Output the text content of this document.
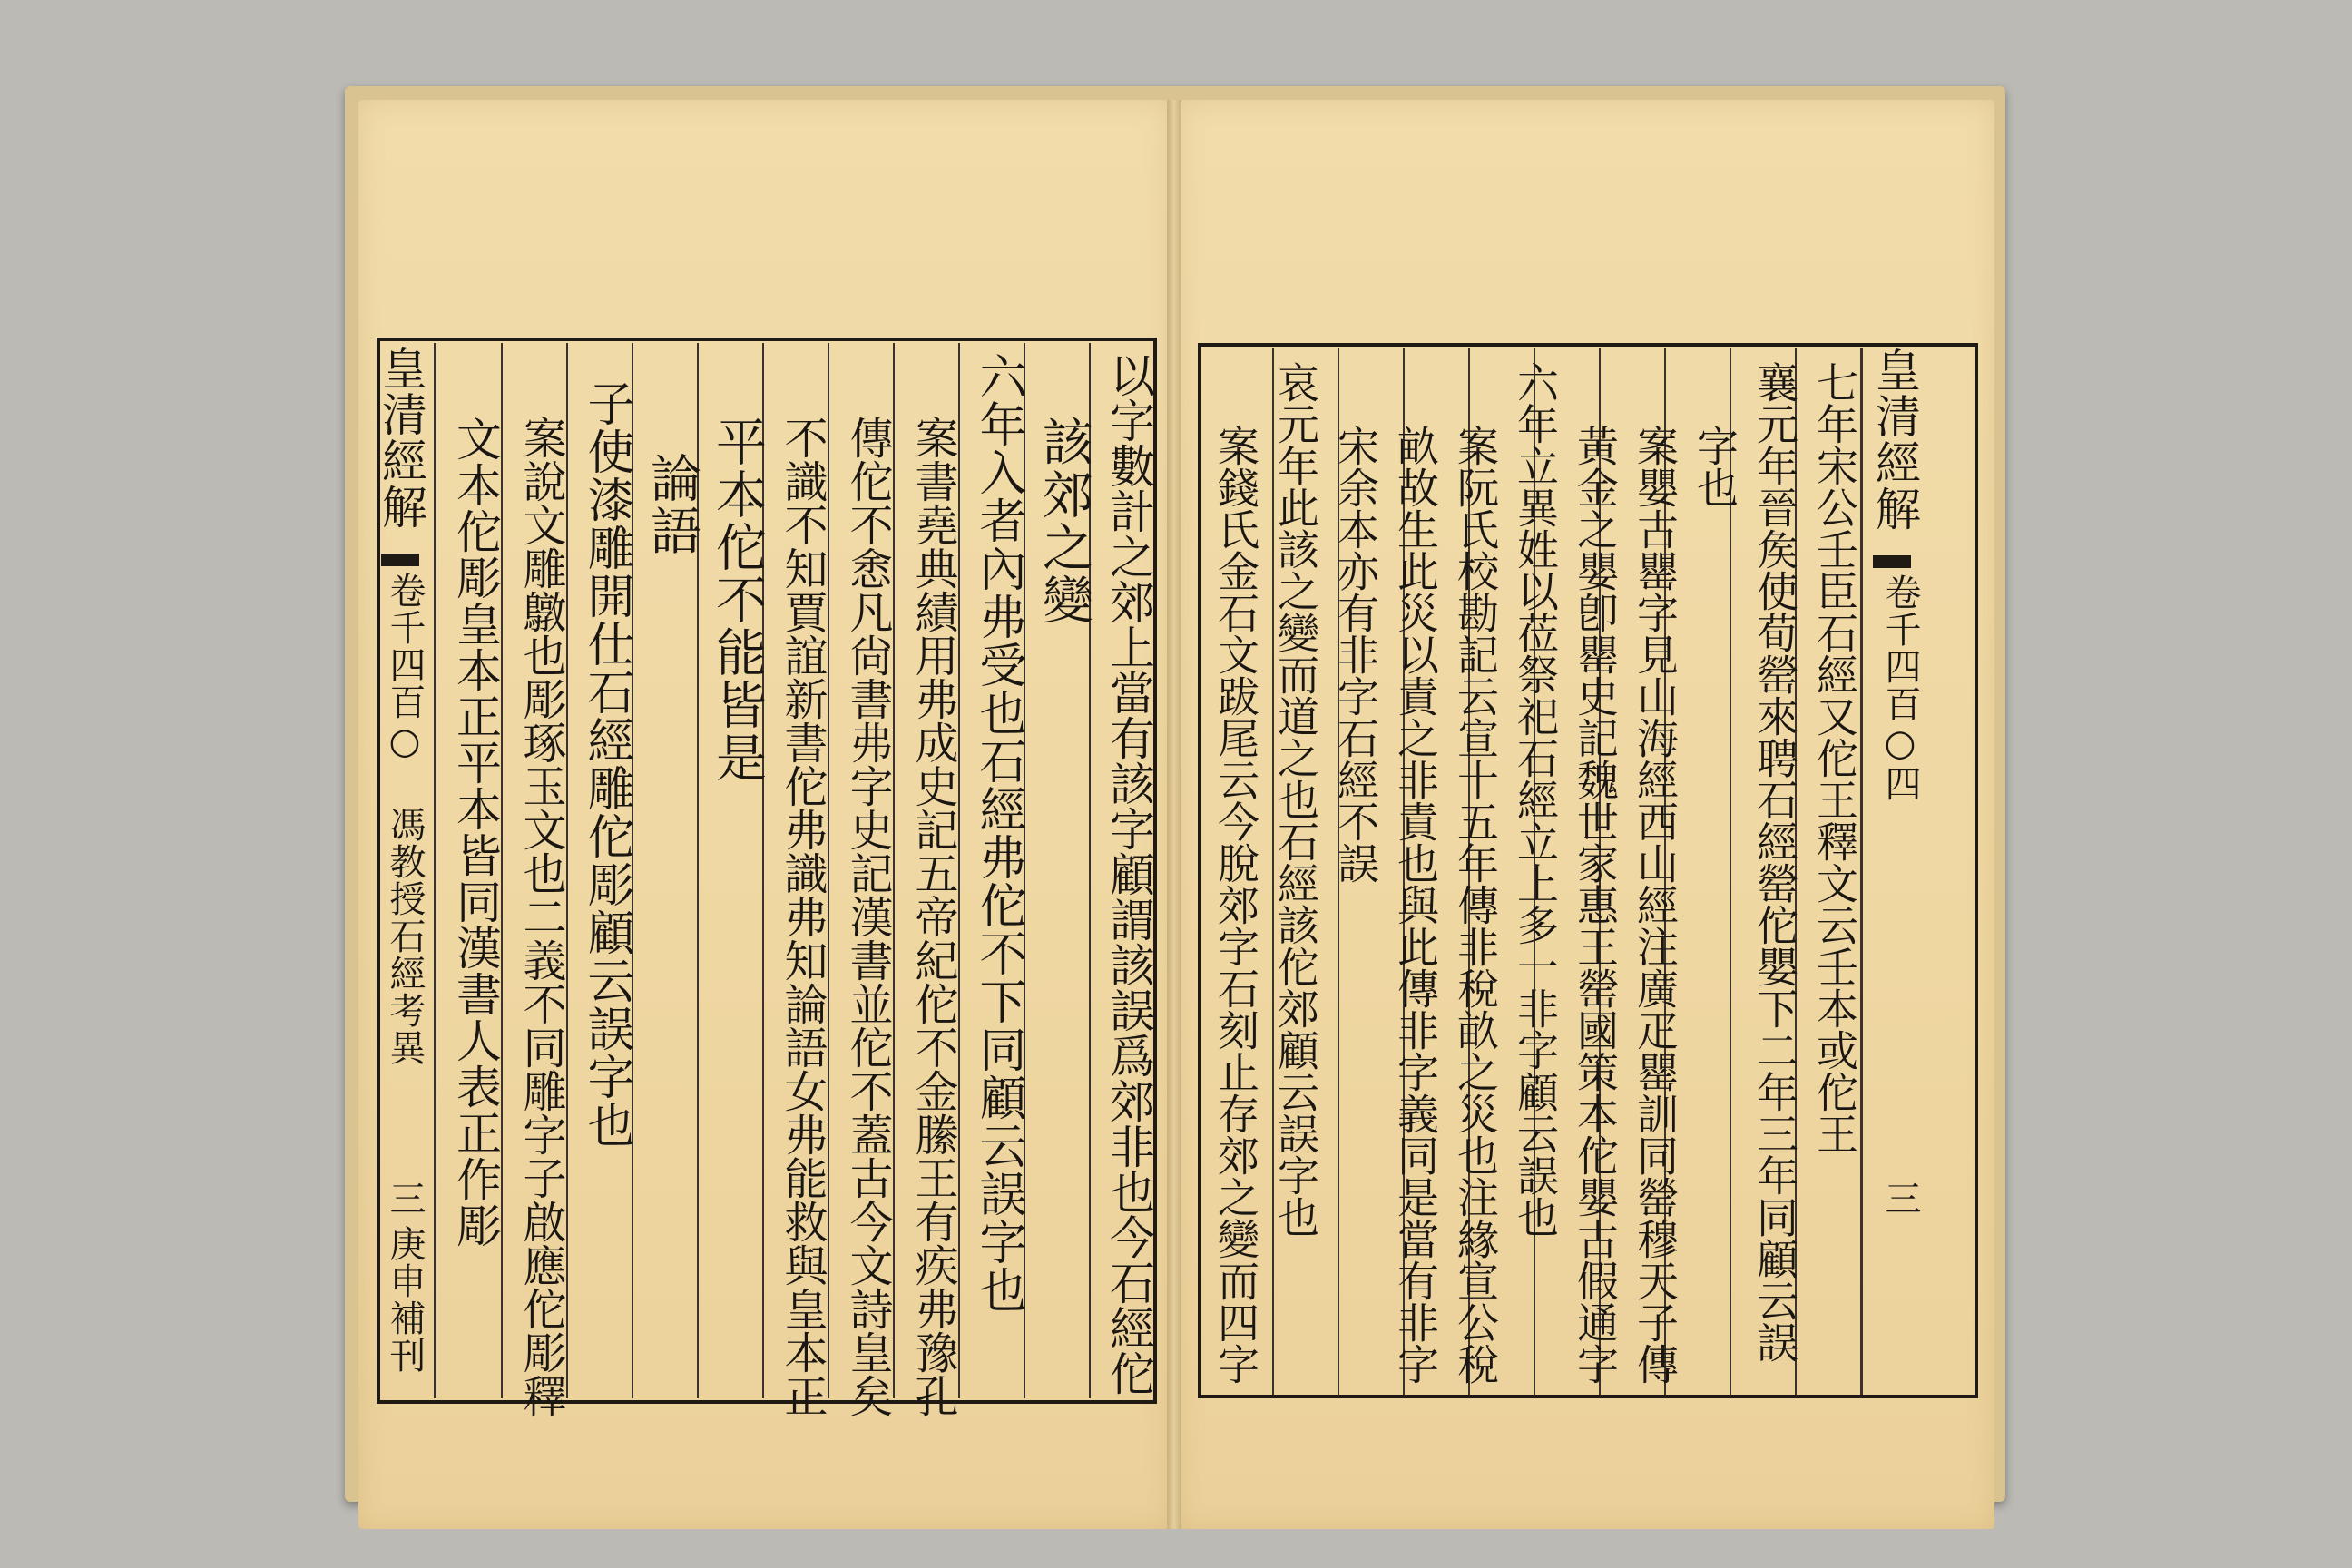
以字數計之郊上當有該字顧謂該誤爲郊非也今石經佗
該郊之變
六年入者內弗受也石經弗佗不下同顧云誤字也
案書堯典績用弗成史記五帝紀佗不金縢王有疾弗豫孔
傳佗不悆凡尙書弗字史記漢書並佗不蓋古今文詩皇矣
不識不知賈誼新書佗弗識弗知論語女弗能救與皇本正
平本佗不能皆是
論語
子使漆雕開仕石經雕佗彫顧云誤字也
案說文雕鷻也彫琢玉文也二義不同雕字子啟應佗彫釋
文本佗彫皇本正平本皆同漢書人表正作彫
皇清經解
卷千四百○ 馮教授石經考異
三
庚申補刊
皇清經解
卷千四百○四
三
七年宋公壬臣石經又佗王釋文云壬本或佗王
襄元年晉矦使荀罃來聘石經罃佗嬰下二年三年同顧云誤
字也
案嬰古罌字見山海經西山經注廣疋罌訓同罃穆天子傳
黃金之嬰卽罌史記魏世家惠王罃國策本佗嬰古假通字
六年立異姓以莅祭祀石經立上多一非字顧云誤也
案阮氏校勘記云宣十五年傳非稅畝之災也注緣宣公稅
畝故生此災以責之非責也與此傳非字義同是當有非字
宋余本亦有非字石經不誤
哀元年此該之變而道之也石經該佗郊顧云誤字也
案錢氏金石文跋尾云今脫郊字石刻止存郊之變而四字
